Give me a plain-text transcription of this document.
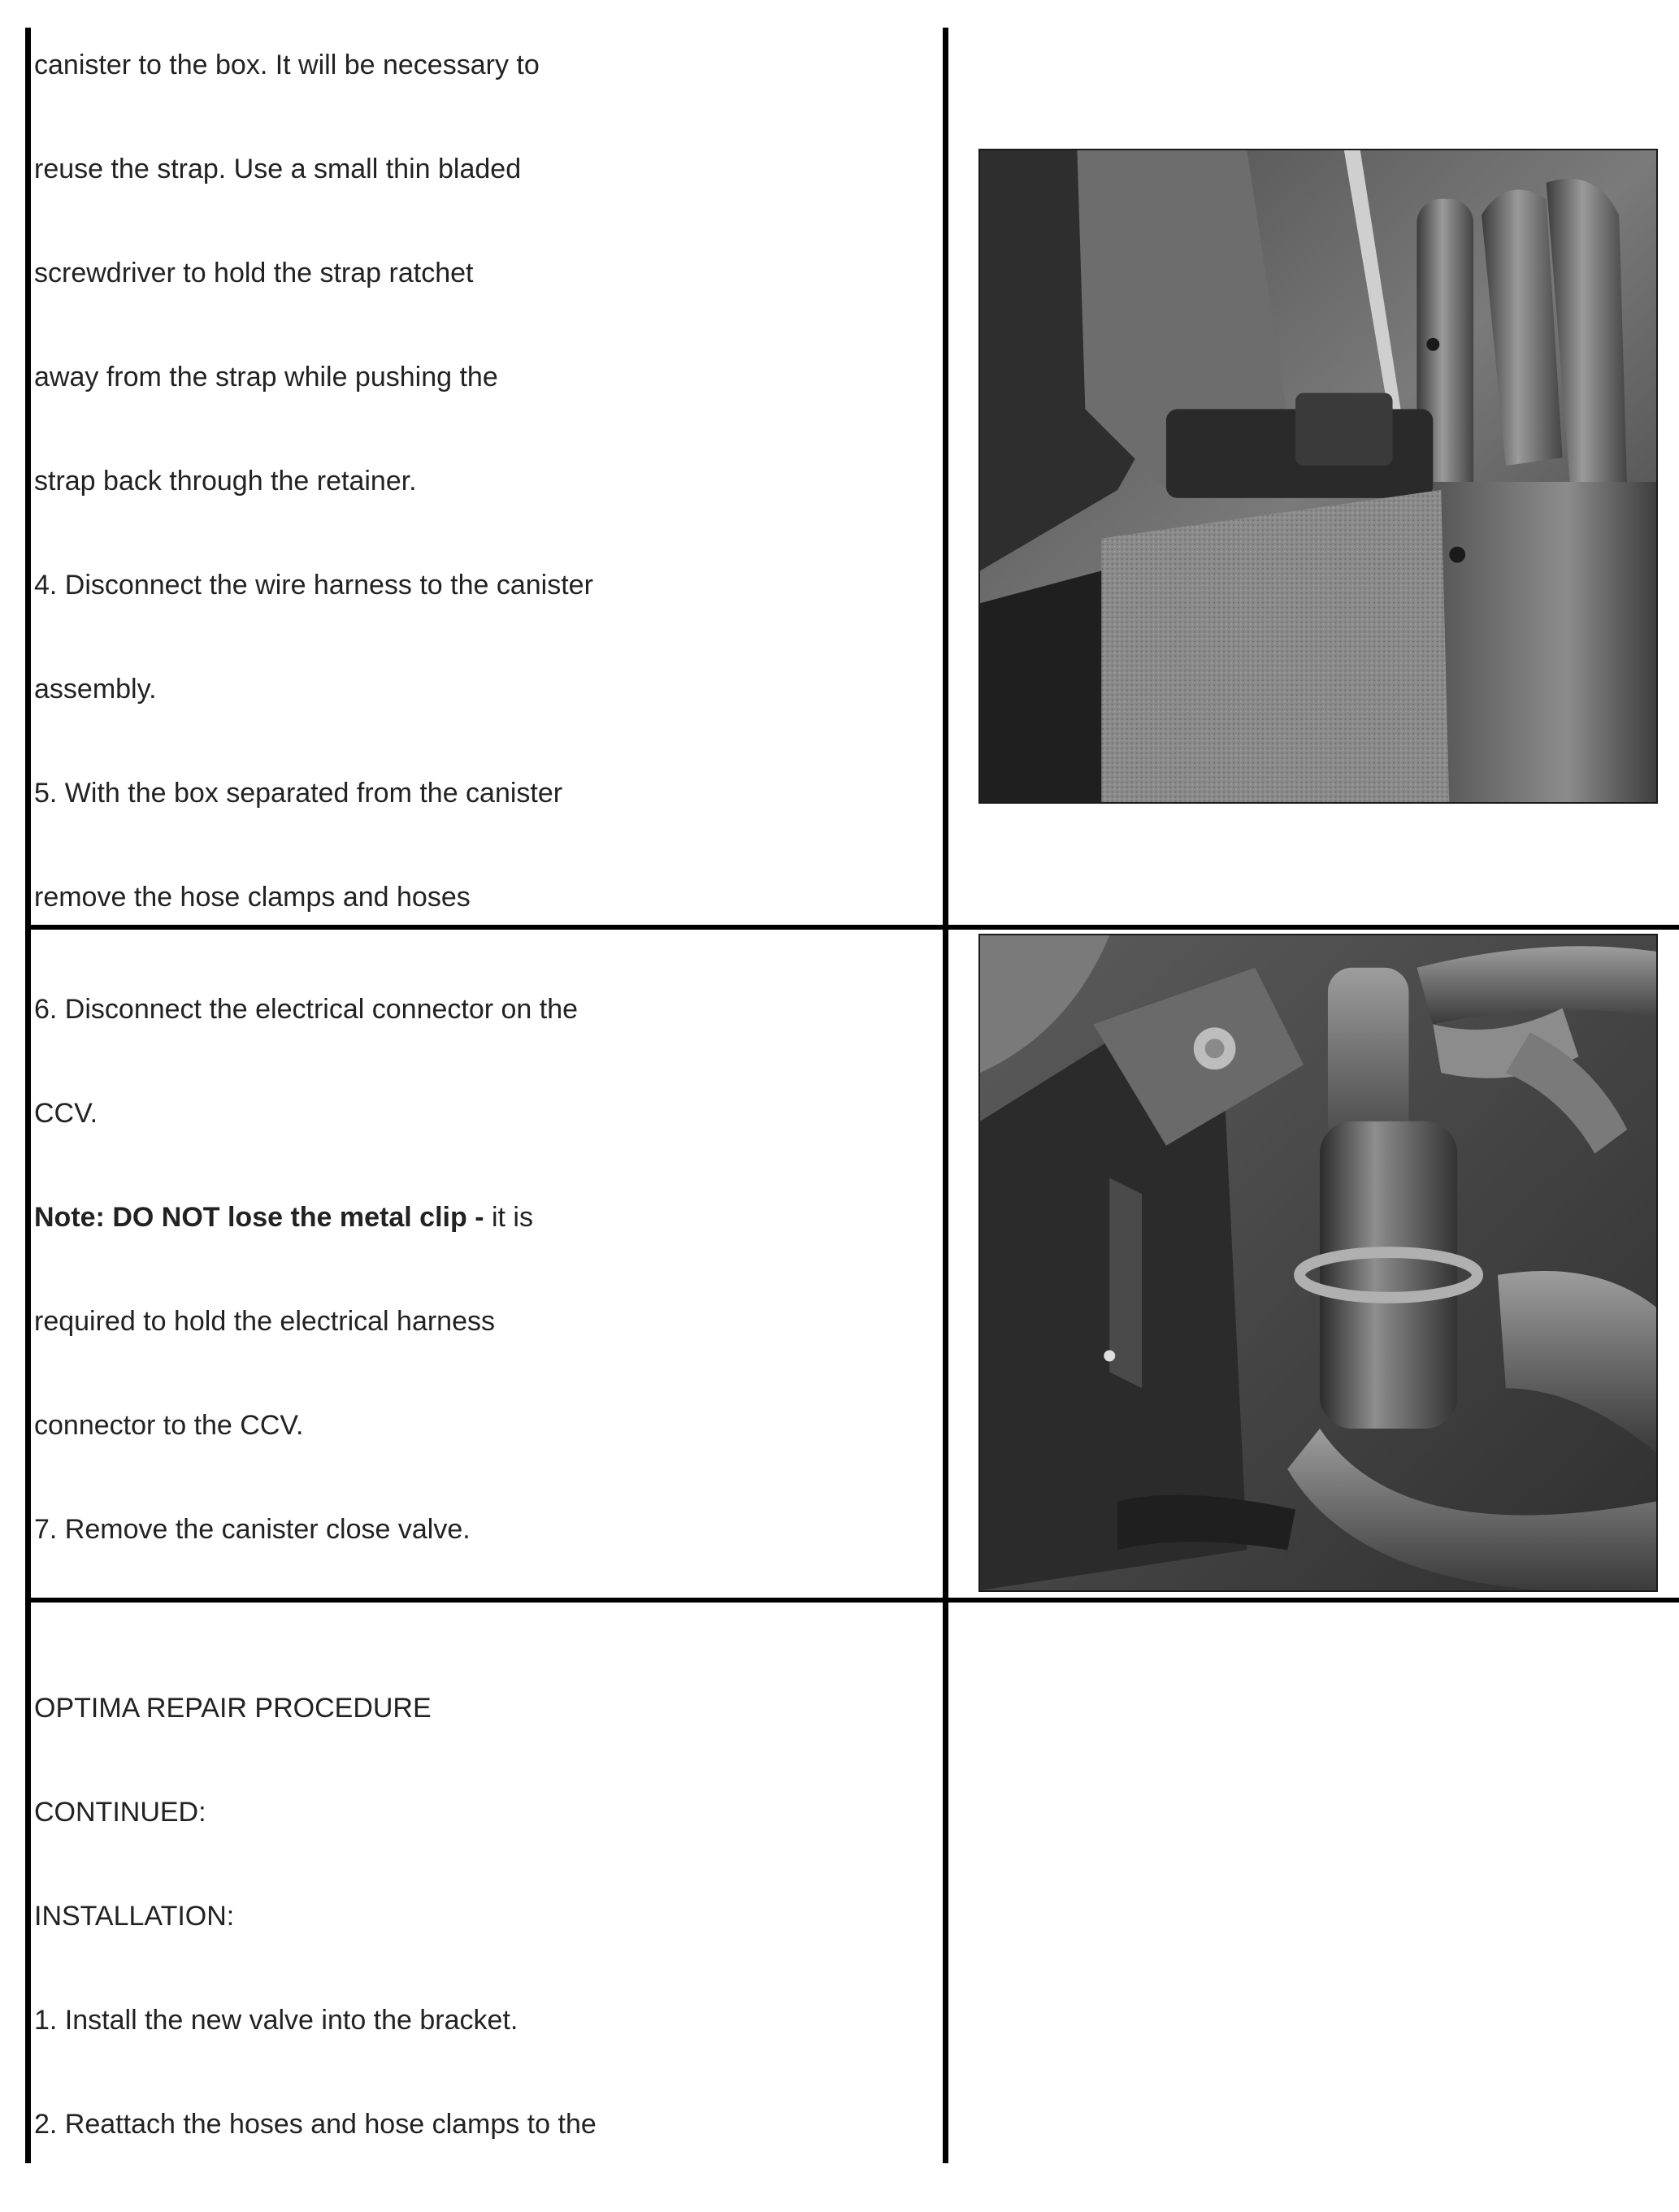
canister to the box. It will be necessary to

reuse the strap. Use a small thin bladed

screwdriver to hold the strap ratchet

away from the strap while pushing the

strap back through the retainer.

4. Disconnect the wire harness to the canister

assembly.

5. With the box separated from the canister

remove the hose clamps and hoses

6. Disconnect the electrical connector on the

CCV.

Note: DO NOT lose the metal clip - it is

required to hold the electrical harness

connector to the CCV.

7. Remove the canister close valve.

OPTIMA REPAIR PROCEDURE

CONTINUED:

INSTALLATION:

1. Install the new valve into the bracket.

2. Reattach the hoses and hose clamps to the
